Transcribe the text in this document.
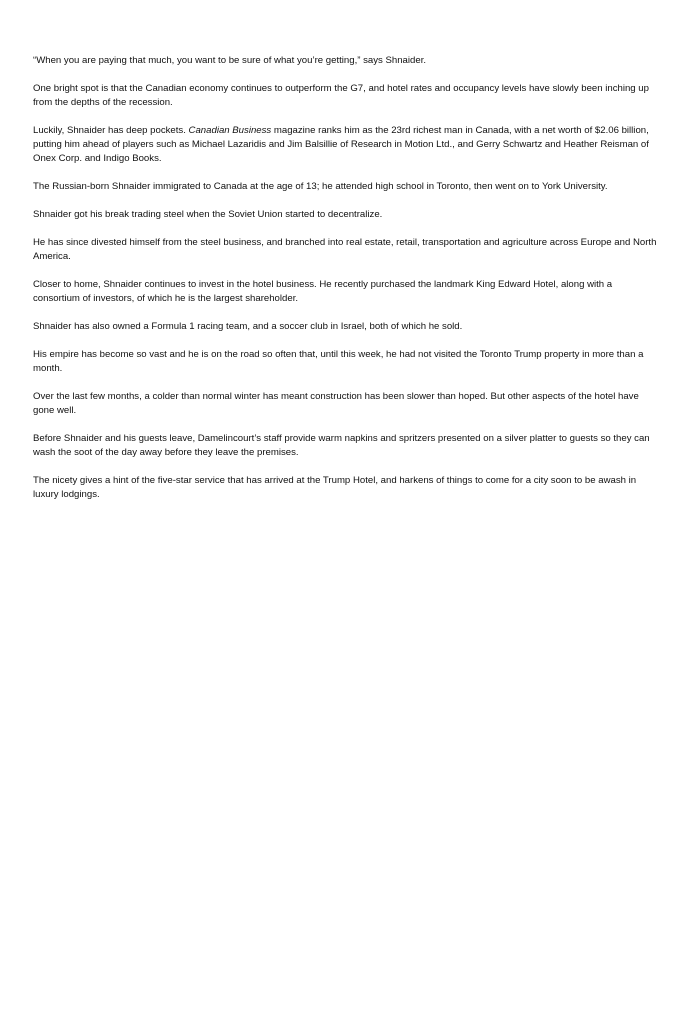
“When you are paying that much, you want to be sure of what you’re getting,” says Shnaider.

One bright spot is that the Canadian economy continues to outperform the G7, and hotel rates and occupancy levels have slowly been inching up from the depths of the recession.

Luckily, Shnaider has deep pockets. Canadian Business magazine ranks him as the 23rd richest man in Canada, with a net worth of $2.06 billion, putting him ahead of players such as Michael Lazaridis and Jim Balsillie of Research in Motion Ltd., and Gerry Schwartz and Heather Reisman of Onex Corp. and Indigo Books.

The Russian-born Shnaider immigrated to Canada at the age of 13; he attended high school in Toronto, then went on to York University.

Shnaider got his break trading steel when the Soviet Union started to decentralize.

He has since divested himself from the steel business, and branched into real estate, retail, transportation and agriculture across Europe and North America.

Closer to home, Shnaider continues to invest in the hotel business. He recently purchased the landmark King Edward Hotel, along with a consortium of investors, of which he is the largest shareholder.

Shnaider has also owned a Formula 1 racing team, and a soccer club in Israel, both of which he sold.

His empire has become so vast and he is on the road so often that, until this week, he had not visited the Toronto Trump property in more than a month.

Over the last few months, a colder than normal winter has meant construction has been slower than hoped. But other aspects of the hotel have gone well.

Before Shnaider and his guests leave, Damelincourt’s staff provide warm napkins and spritzers presented on a silver platter to guests so they can wash the soot of the day away before they leave the premises.

The nicety gives a hint of the five-star service that has arrived at the Trump Hotel, and harkens of things to come for a city soon to be awash in luxury lodgings.
